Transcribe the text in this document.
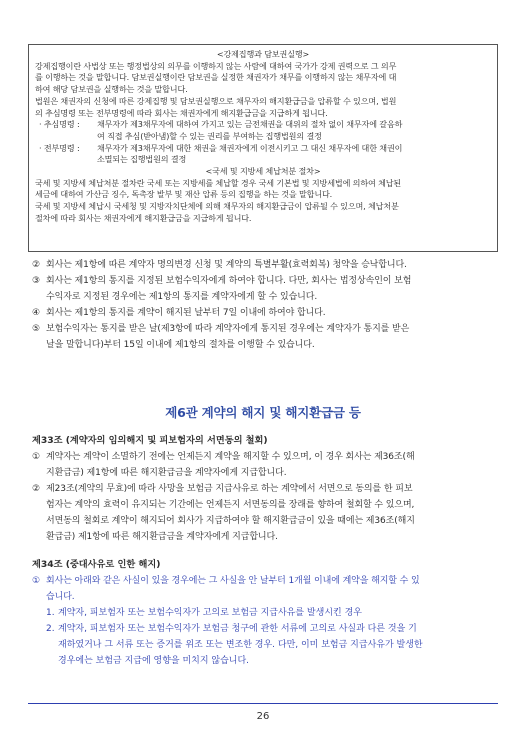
<강제집행과 담보권실행>

강제집행이란 사법상 또는 행정법상의 의무를 이행하지 않는 사람에 대하여 국가가 강제 권력으로 그 의무

를 이행하는 것을 말합니다. 담보권실행이란 담보권을 실정한 채권자가 채무를 이행하지 않는 채무자에 대

하여 해당 담보권을 실행하는 것을 말합니다.

법원은 채권자의 신청에 따른 강제집행 및 담보권실행으로 채무자의 해지환급금을 압류할 수 있으며, 법원

의 추심명령 또는 전부명령에 따라 회사는 채권자에게 해지환급금을 지급하게 됩니다.

· 추심명령 :	채무자가 제3채무자에 대하여 가지고 있는 금전채권을 대위의 절차 없이 채무자에 갈음하

여 직접 추심(받아냄)할 수 있는 권리를 부여하는 집행법원의 결정

· 전부명령 :	채무자가 제3채무자에 대한 채권을 채권자에게 이전시키고 그 대신 채무자에 대한 채권이

소멸되는 집행법원의 결정

<국세 및 지방세 체납처분 절차>

국세 및 지방세 체납처분 절차란 국세 또는 지방세를 체납할 경우 국세 기본법 및 지방세법에 의하여 체납된

세금에 대하여 가산금 징수, 독촉장 발부 및 재산 압류 등의 집행을 하는 것을 말합니다.

국세 및 지방세 체납시 국세청 및 지방자치단체에 의해 채무자의 해지환급금이 압류될 수 있으며, 체납처분

절차에 따라 회사는 채권자에게 해지환급금을 지급하게 됩니다.

② 회사는 제1항에 따른 계약자 명의변경 신청 및 계약의 특별부활(효력회복) 청약을 승낙합니다.
③ 회사는 제1항의 통지를 지정된 보험수익자에게 하여야 합니다. 다만, 회사는 법정상속인이 보험
수익자로 지정된 경우에는 제1항의 통지를 계약자에게 할 수 있습니다.
④ 회사는 제1항의 통지를 계약이 해지된 날부터 7일 이내에 하여야 합니다.
⑤ 보험수익자는 통지를 받은 날(제3항에 따라 계약자에게 통지된 경우에는 계약자가 통지를 받은
날을 말합니다)부터 15일 이내에 제1항의 절차를 이행할 수 있습니다.
제6관 계약의 해지 및 해지환급금 등

제33조 (계약자의 임의해지 및 피보험자의 서면동의 철회)

① 계약자는 계약이 소멸하기 전에는 언제든지 계약을 해지할 수 있으며, 이 경우 회사는 제36조(해
지환급금) 제1항에 따른 해지환급금을 계약자에게 지급합니다.
② 제23조(계약의 무효)에 따라 사망을 보험금 지급사유로 하는 계약에서 서면으로 동의를 한 피보
험자는 계약의 효력이 유지되는 기간에는 언제든지 서면동의를 장래를 향하여 철회할 수 있으며,
서면동의 철회로 계약이 해지되어 회사가 지급하여야 할 해지환급금이 있을 때에는 제36조(해지
환급금) 제1항에 따른 해지환급금을 계약자에게 지급합니다.

제34조 (중대사유로 인한 해지)

① 회사는 아래와 같은 사실이 있을 경우에는 그 사실을 안 날부터 1개월 이내에 계약을 해지할 수 있
습니다.
1. 계약자, 피보험자 또는 보험수익자가 고의로 보험금 지급사유를 발생시킨 경우
2. 계약자, 피보험자 또는 보험수익자가 보험금 청구에 관한 서류에 고의로 사실과 다른 것을 기
재하였거나 그 서류 또는 증거를 위조 또는 변조한 경우. 다만, 이미 보험금 지급사유가 발생한
경우에는 보험금 지급에 영향을 미치지 않습니다.
26
